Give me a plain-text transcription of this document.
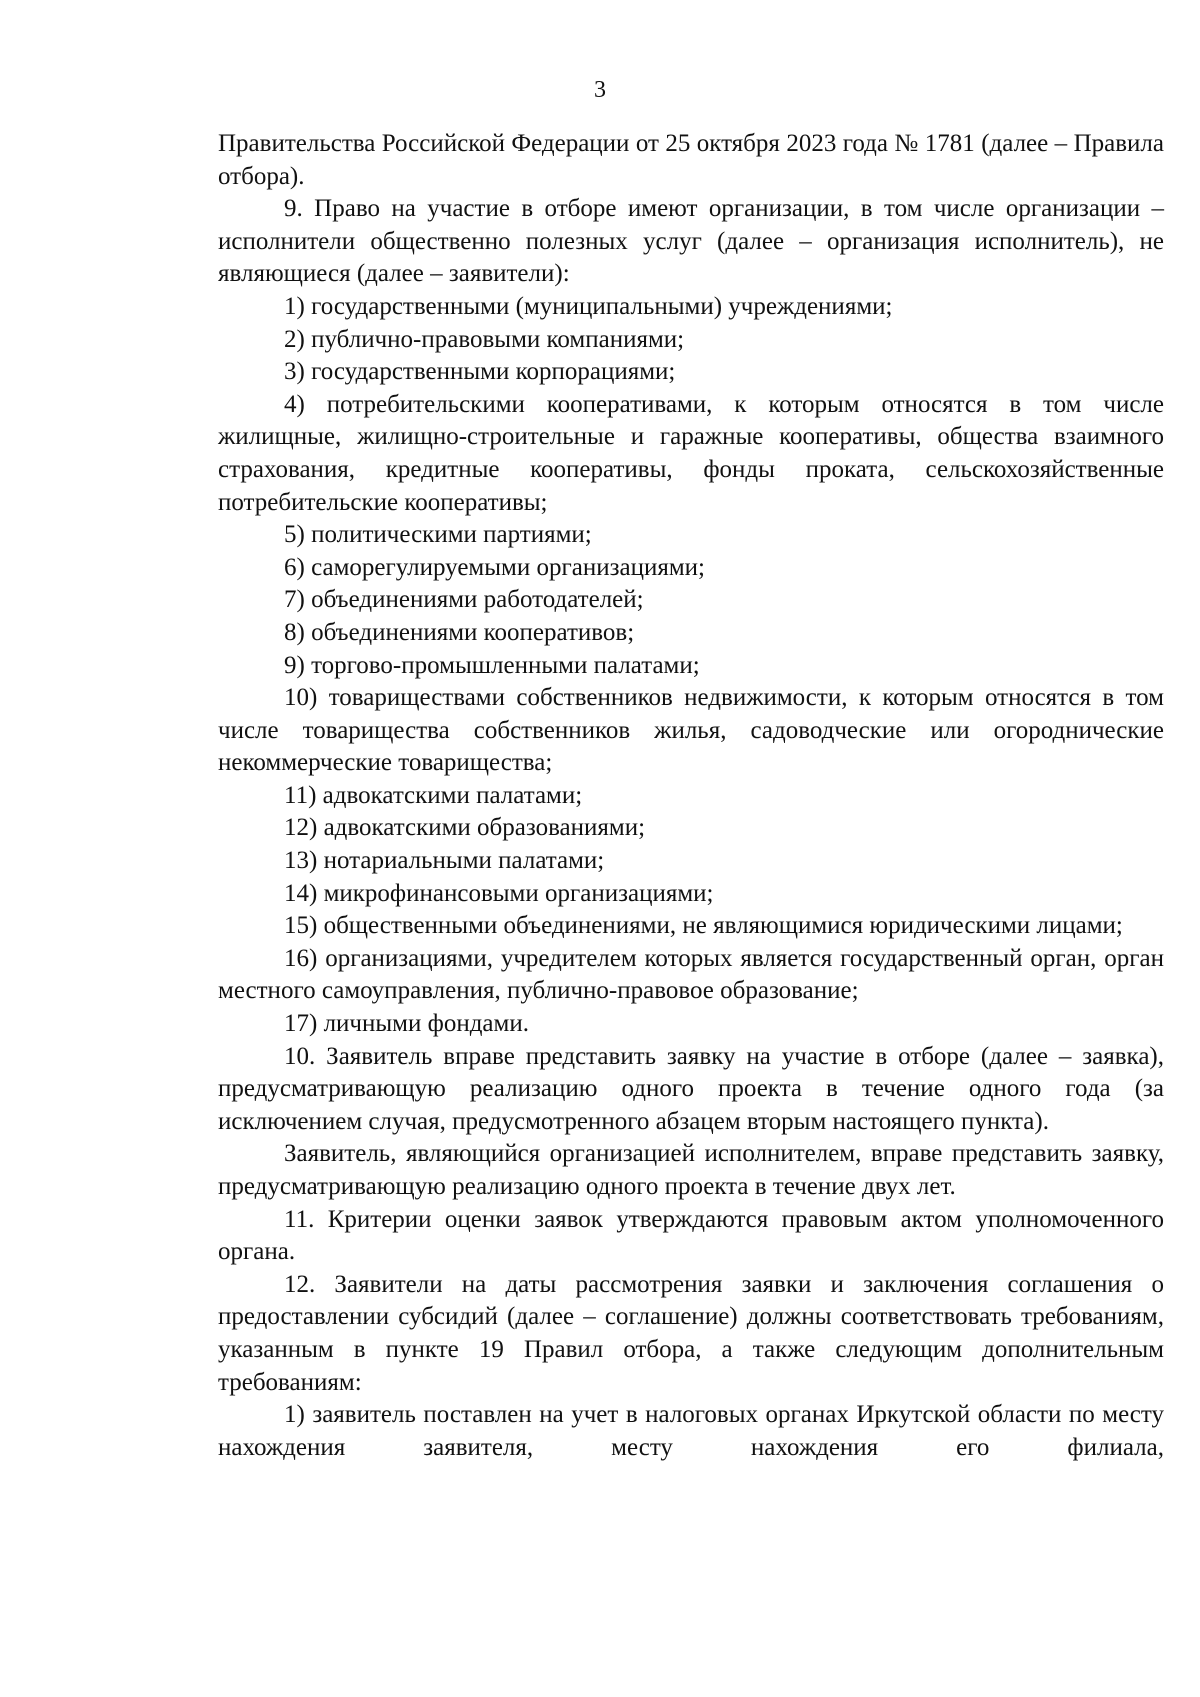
3

Правительства Российской Федерации от 25 октября 2023 года № 1781 (далее – Правила отбора).

9. Право на участие в отборе имеют организации, в том числе организации – исполнители общественно полезных услуг (далее – организация исполнитель), не являющиеся (далее – заявители):

1) государственными (муниципальными) учреждениями;

2) публично-правовыми компаниями;

3) государственными корпорациями;

4) потребительскими кооперативами, к которым относятся в том числе жилищные, жилищно-строительные и гаражные кооперативы, общества взаимного страхования, кредитные кооперативы, фонды проката, сельскохозяйственные потребительские кооперативы;

5) политическими партиями;

6) саморегулируемыми организациями;

7) объединениями работодателей;

8) объединениями кооперативов;

9) торгово-промышленными палатами;

10) товариществами собственников недвижимости, к которым относятся в том числе товарищества собственников жилья, садоводческие или огороднические некоммерческие товарищества;

11) адвокатскими палатами;

12) адвокатскими образованиями;

13) нотариальными палатами;

14) микрофинансовыми организациями;

15) общественными объединениями, не являющимися юридическими лицами;

16) организациями, учредителем которых является государственный орган, орган местного самоуправления, публично-правовое образование;

17) личными фондами.

10. Заявитель вправе представить заявку на участие в отборе (далее – заявка), предусматривающую реализацию одного проекта в течение одного года (за исключением случая, предусмотренного абзацем вторым настоящего пункта).

Заявитель, являющийся организацией исполнителем, вправе представить заявку, предусматривающую реализацию одного проекта в течение двух лет.

11. Критерии оценки заявок утверждаются правовым актом уполномоченного органа.

12. Заявители на даты рассмотрения заявки и заключения соглашения о предоставлении субсидий (далее – соглашение) должны соответствовать требованиям, указанным в пункте 19 Правил отбора, а также следующим дополнительным требованиям:

1) заявитель поставлен на учет в налоговых органах Иркутской области по месту нахождения заявителя, месту нахождения его филиала,
